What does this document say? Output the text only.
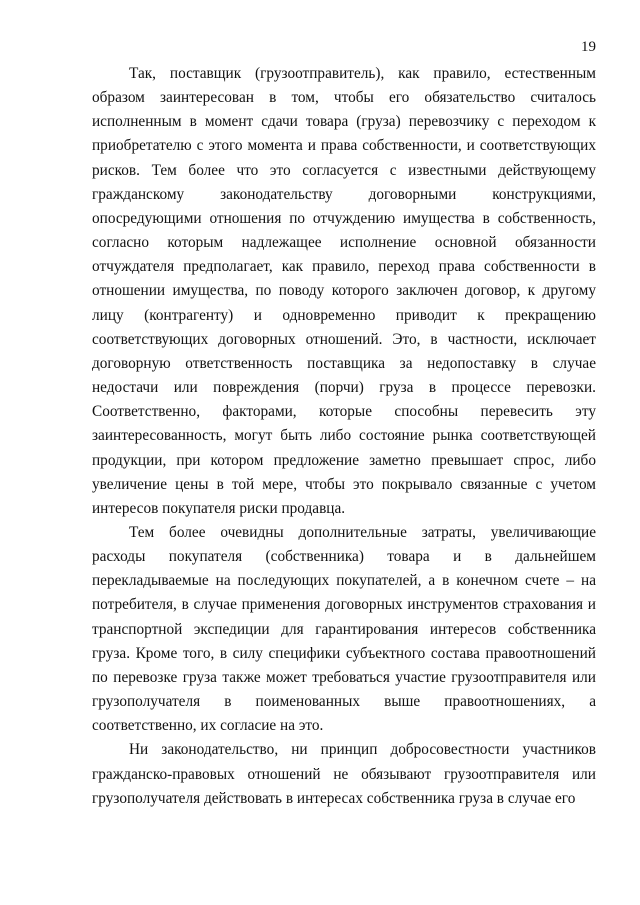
19

Так, поставщик (грузоотправитель), как правило, естественным образом заинтересован в том, чтобы его обязательство считалось исполненным в момент сдачи товара (груза) перевозчику с переходом к приобретателю с этого момента и права собственности, и соответствующих рисков. Тем более что это согласуется с известными действующему гражданскому законодательству договорными конструкциями, опосредующими отношения по отчуждению имущества в собственность, согласно которым надлежащее исполнение основной обязанности отчуждателя предполагает, как правило, переход права собственности в отношении имущества, по поводу которого заключен договор, к другому лицу (контрагенту) и одновременно приводит к прекращению соответствующих договорных отношений. Это, в частности, исключает договорную ответственность поставщика за недопоставку в случае недостачи или повреждения (порчи) груза в процессе перевозки. Соответственно, факторами, которые способны перевесить эту заинтересованность, могут быть либо состояние рынка соответствующей продукции, при котором предложение заметно превышает спрос, либо увеличение цены в той мере, чтобы это покрывало связанные с учетом интересов покупателя риски продавца.

Тем более очевидны дополнительные затраты, увеличивающие расходы покупателя (собственника) товара и в дальнейшем перекладываемые на последующих покупателей, а в конечном счете – на потребителя, в случае применения договорных инструментов страхования и транспортной экспедиции для гарантирования интересов собственника груза. Кроме того, в силу специфики субъектного состава правоотношений по перевозке груза также может требоваться участие грузоотправителя или грузополучателя в поименованных выше правоотношениях, а соответственно, их согласие на это.

Ни законодательство, ни принцип добросовестности участников гражданско-правовых отношений не обязывают грузоотправителя или грузополучателя действовать в интересах собственника груза в случае его
